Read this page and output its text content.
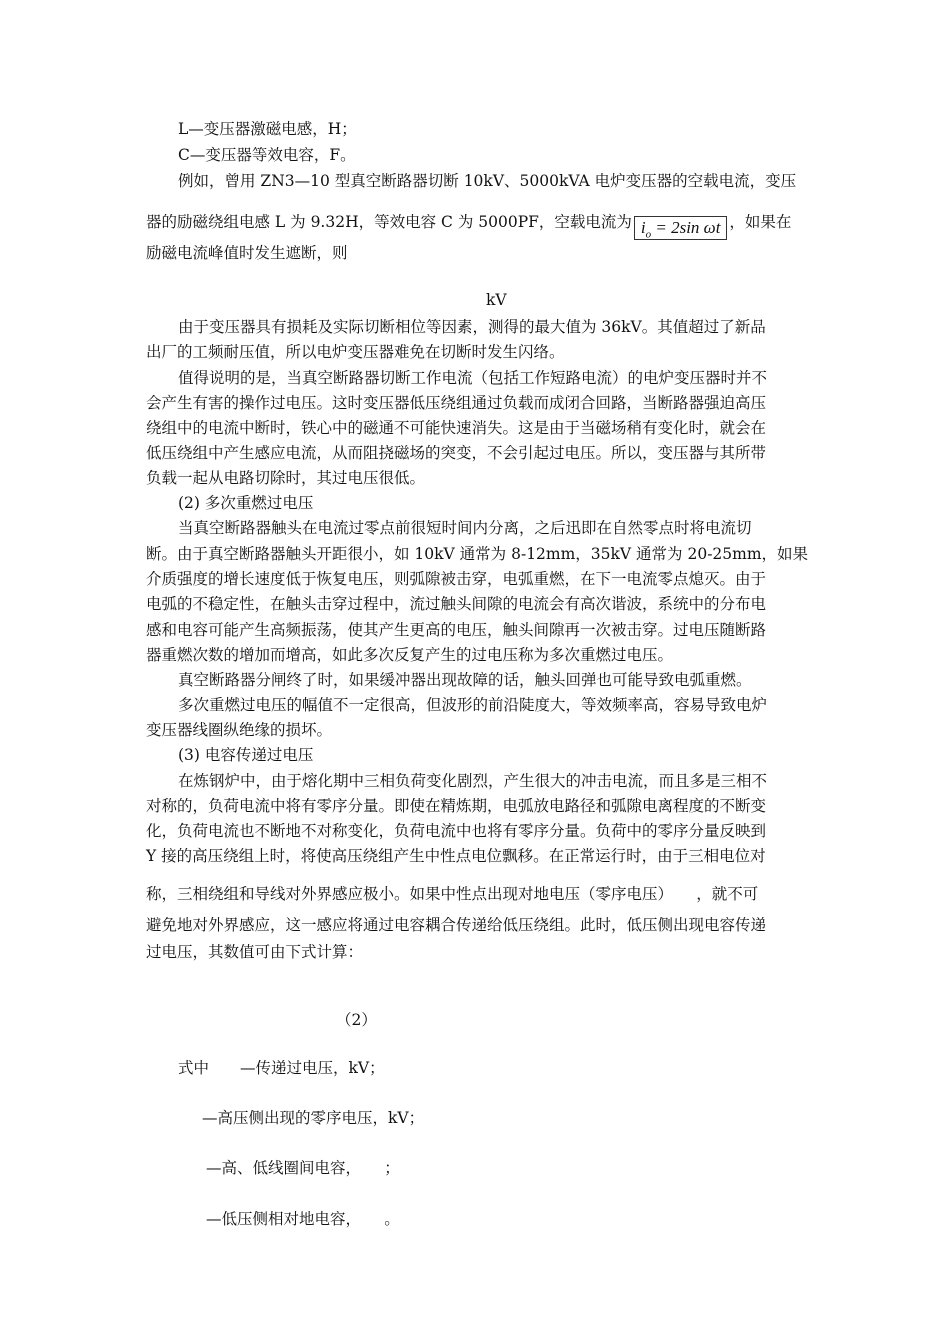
L—变压器激磁电感，H；
C—变压器等效电容，F。
例如，曾用 ZN3—10 型真空断路器切断 10kV、5000kVA 电炉变压器的空载电流，变压
器的励磁绕组电感 L 为 9.32H，等效电容 C 为 5000PF，空载电流为 $i_o = 2\sin$ ωt ，如果在
励磁电流峰值时发生遮断，则
kV
由于变压器具有损耗及实际切断相位等因素，测得的最大值为 36kV。其值超过了新品
出厂的工频耐压值，所以电炉变压器难免在切断时发生闪络。
值得说明的是，当真空断路器切断工作电流（包括工作短路电流）的电炉变压器时并不
会产生有害的操作过电压。这时变压器低压绕组通过负载而成闭合回路，当断路器强迫高压
绕组中的电流中断时，铁心中的磁通不可能快速消失。这是由于当磁场稍有变化时，就会在
低压绕组中产生感应电流，从而阻挠磁场的突变，不会引起过电压。所以，变压器与其所带
负载一起从电路切除时，其过电压很低。
(2) 多次重燃过电压
当真空断路器触头在电流过零点前很短时间内分离，之后迅即在自然零点时将电流切
断。由于真空断路器触头开距很小，如 10kV 通常为 8-12mm，35kV 通常为 20-25mm，如果
介质强度的增长速度低于恢复电压，则弧隙被击穿，电弧重燃，在下一电流零点熄灭。由于
电弧的不稳定性，在触头击穿过程中，流过触头间隙的电流会有高次谐波，系统中的分布电
感和电容可能产生高频振荡，使其产生更高的电压，触头间隙再一次被击穿。过电压随断路
器重燃次数的增加而增高，如此多次反复产生的过电压称为多次重燃过电压。
真空断路器分闸终了时，如果缓冲器出现故障的话，触头回弹也可能导致电弧重燃。
多次重燃过电压的幅值不一定很高，但波形的前沿陡度大，等效频率高，容易导致电炉
变压器线圈纵绝缘的损坏。
(3) 电容传递过电压
在炼钢炉中，由于熔化期中三相负荷变化剧烈，产生很大的冲击电流，而且多是三相不
对称的，负荷电流中将有零序分量。即使在精炼期，电弧放电路径和弧隙电离程度的不断变
化，负荷电流也不断地不对称变化，负荷电流中也将有零序分量。负荷中的零序分量反映到
Y 接的高压绕组上时，将使高压绕组产生中性点电位飘移。在正常运行时，由于三相电位对
称，三相绕组和导线对外界感应极小。如果中性点出现对地电压（零序电压）　　，就不可
避免地对外界感应，这一感应将通过电容耦合传递给低压绕组。此时，低压侧出现电容传递
过电压，其数值可由下式计算：
（2）
式中　　—传递过电压，kV；
—高压侧出现的零序电压，kV；
—高、低线圈间电容，　　；
—低压侧相对地电容，　　。
